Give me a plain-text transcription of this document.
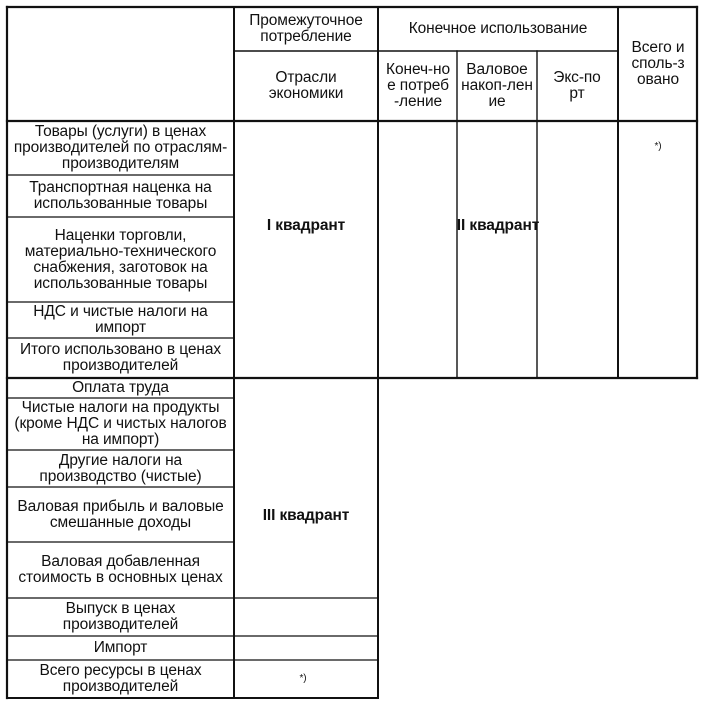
Промежуточное потребление	Конечное использование
Всего исполь-зовано
Отрасли экономики
Конеч-ное потреб-ление
Валовое накоп-ление
Экс-порт
Товары (услуги) в ценах производителей по отраслям-производителям
Транспортная наценка на использованные товары
Наценки торговли, материально-технического снабжения, заготовок на использованные товары
НДС и чистые налоги на импорт
Итого использовано в ценах производителей
Оплата труда
Чистые налоги на продукты (кроме НДС и чистых налогов на импорт)
Другие налоги на производство (чистые)
Валовая прибыль и валовые смешанные доходы
Валовая добавленная стоимость в основных ценах
Выпуск в ценах производителей
Импорт
Всего ресурсы в ценах производителей
I квадрант	II квадрант
III квадрант
*)
*)
